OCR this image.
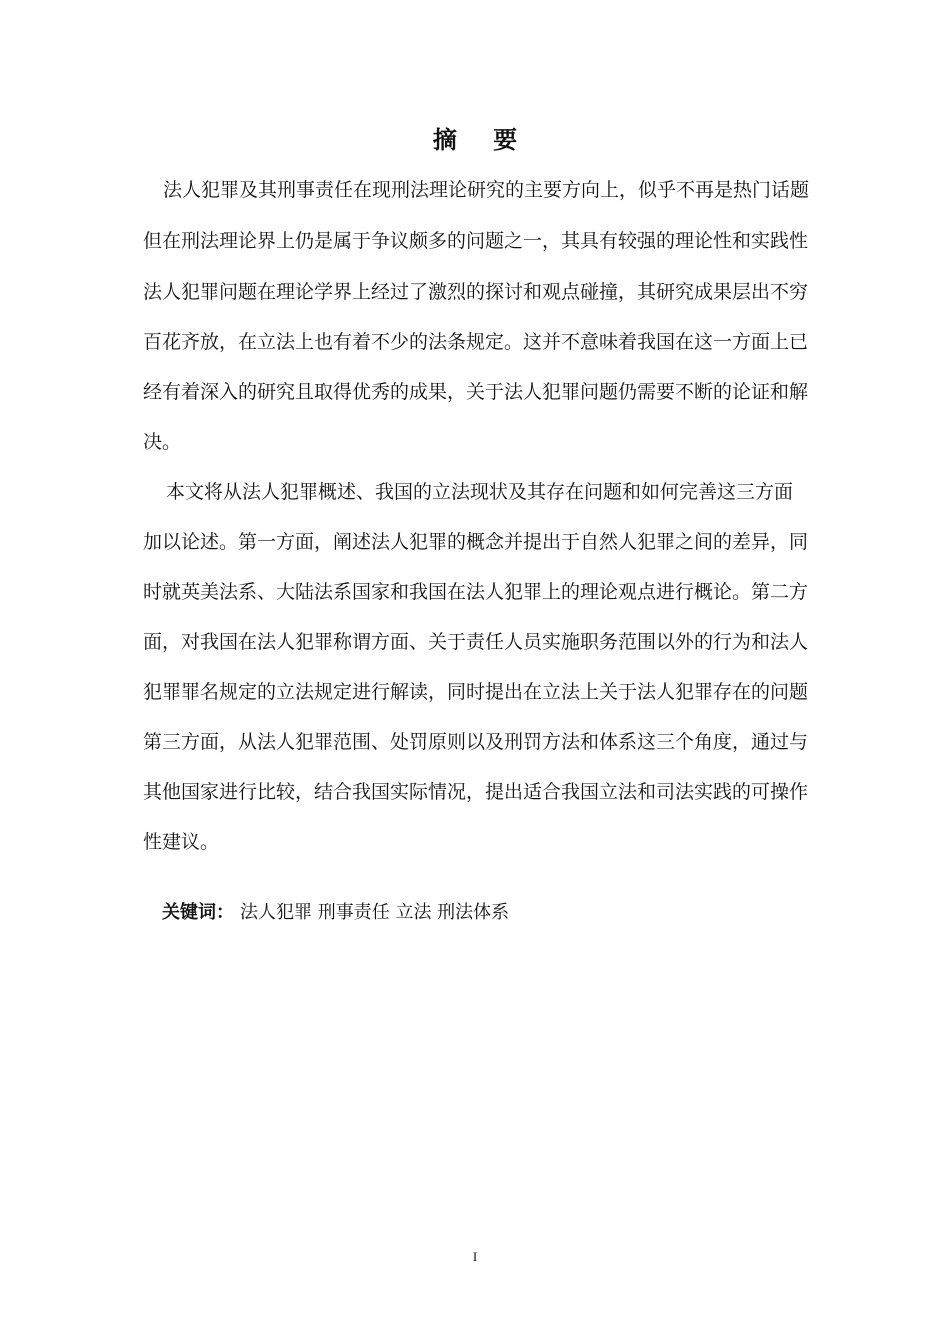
摘 要
法人犯罪及其刑事责任在现刑法理论研究的主要方向上，似乎不再是热门话题
但在刑法理论界上仍是属于争议颇多的问题之一，其具有较强的理论性和实践性
法人犯罪问题在理论学界上经过了激烈的探讨和观点碰撞，其研究成果层出不穷
百花齐放，在立法上也有着不少的法条规定。这并不意味着我国在这一方面上已
经有着深入的研究且取得优秀的成果，关于法人犯罪问题仍需要不断的论证和解
决。
本文将从法人犯罪概述、我国的立法现状及其存在问题和如何完善这三方面
加以论述。第一方面，阐述法人犯罪的概念并提出于自然人犯罪之间的差异，同
时就英美法系、大陆法系国家和我国在法人犯罪上的理论观点进行概论。第二方
面，对我国在法人犯罪称谓方面、关于责任人员实施职务范围以外的行为和法人
犯罪罪名规定的立法规定进行解读，同时提出在立法上关于法人犯罪存在的问题
第三方面，从法人犯罪范围、处罚原则以及刑罚方法和体系这三个角度，通过与
其他国家进行比较，结合我国实际情况，提出适合我国立法和司法实践的可操作
性建议。
关键词： 法人犯罪 刑事责任 立法 刑法体系
I
